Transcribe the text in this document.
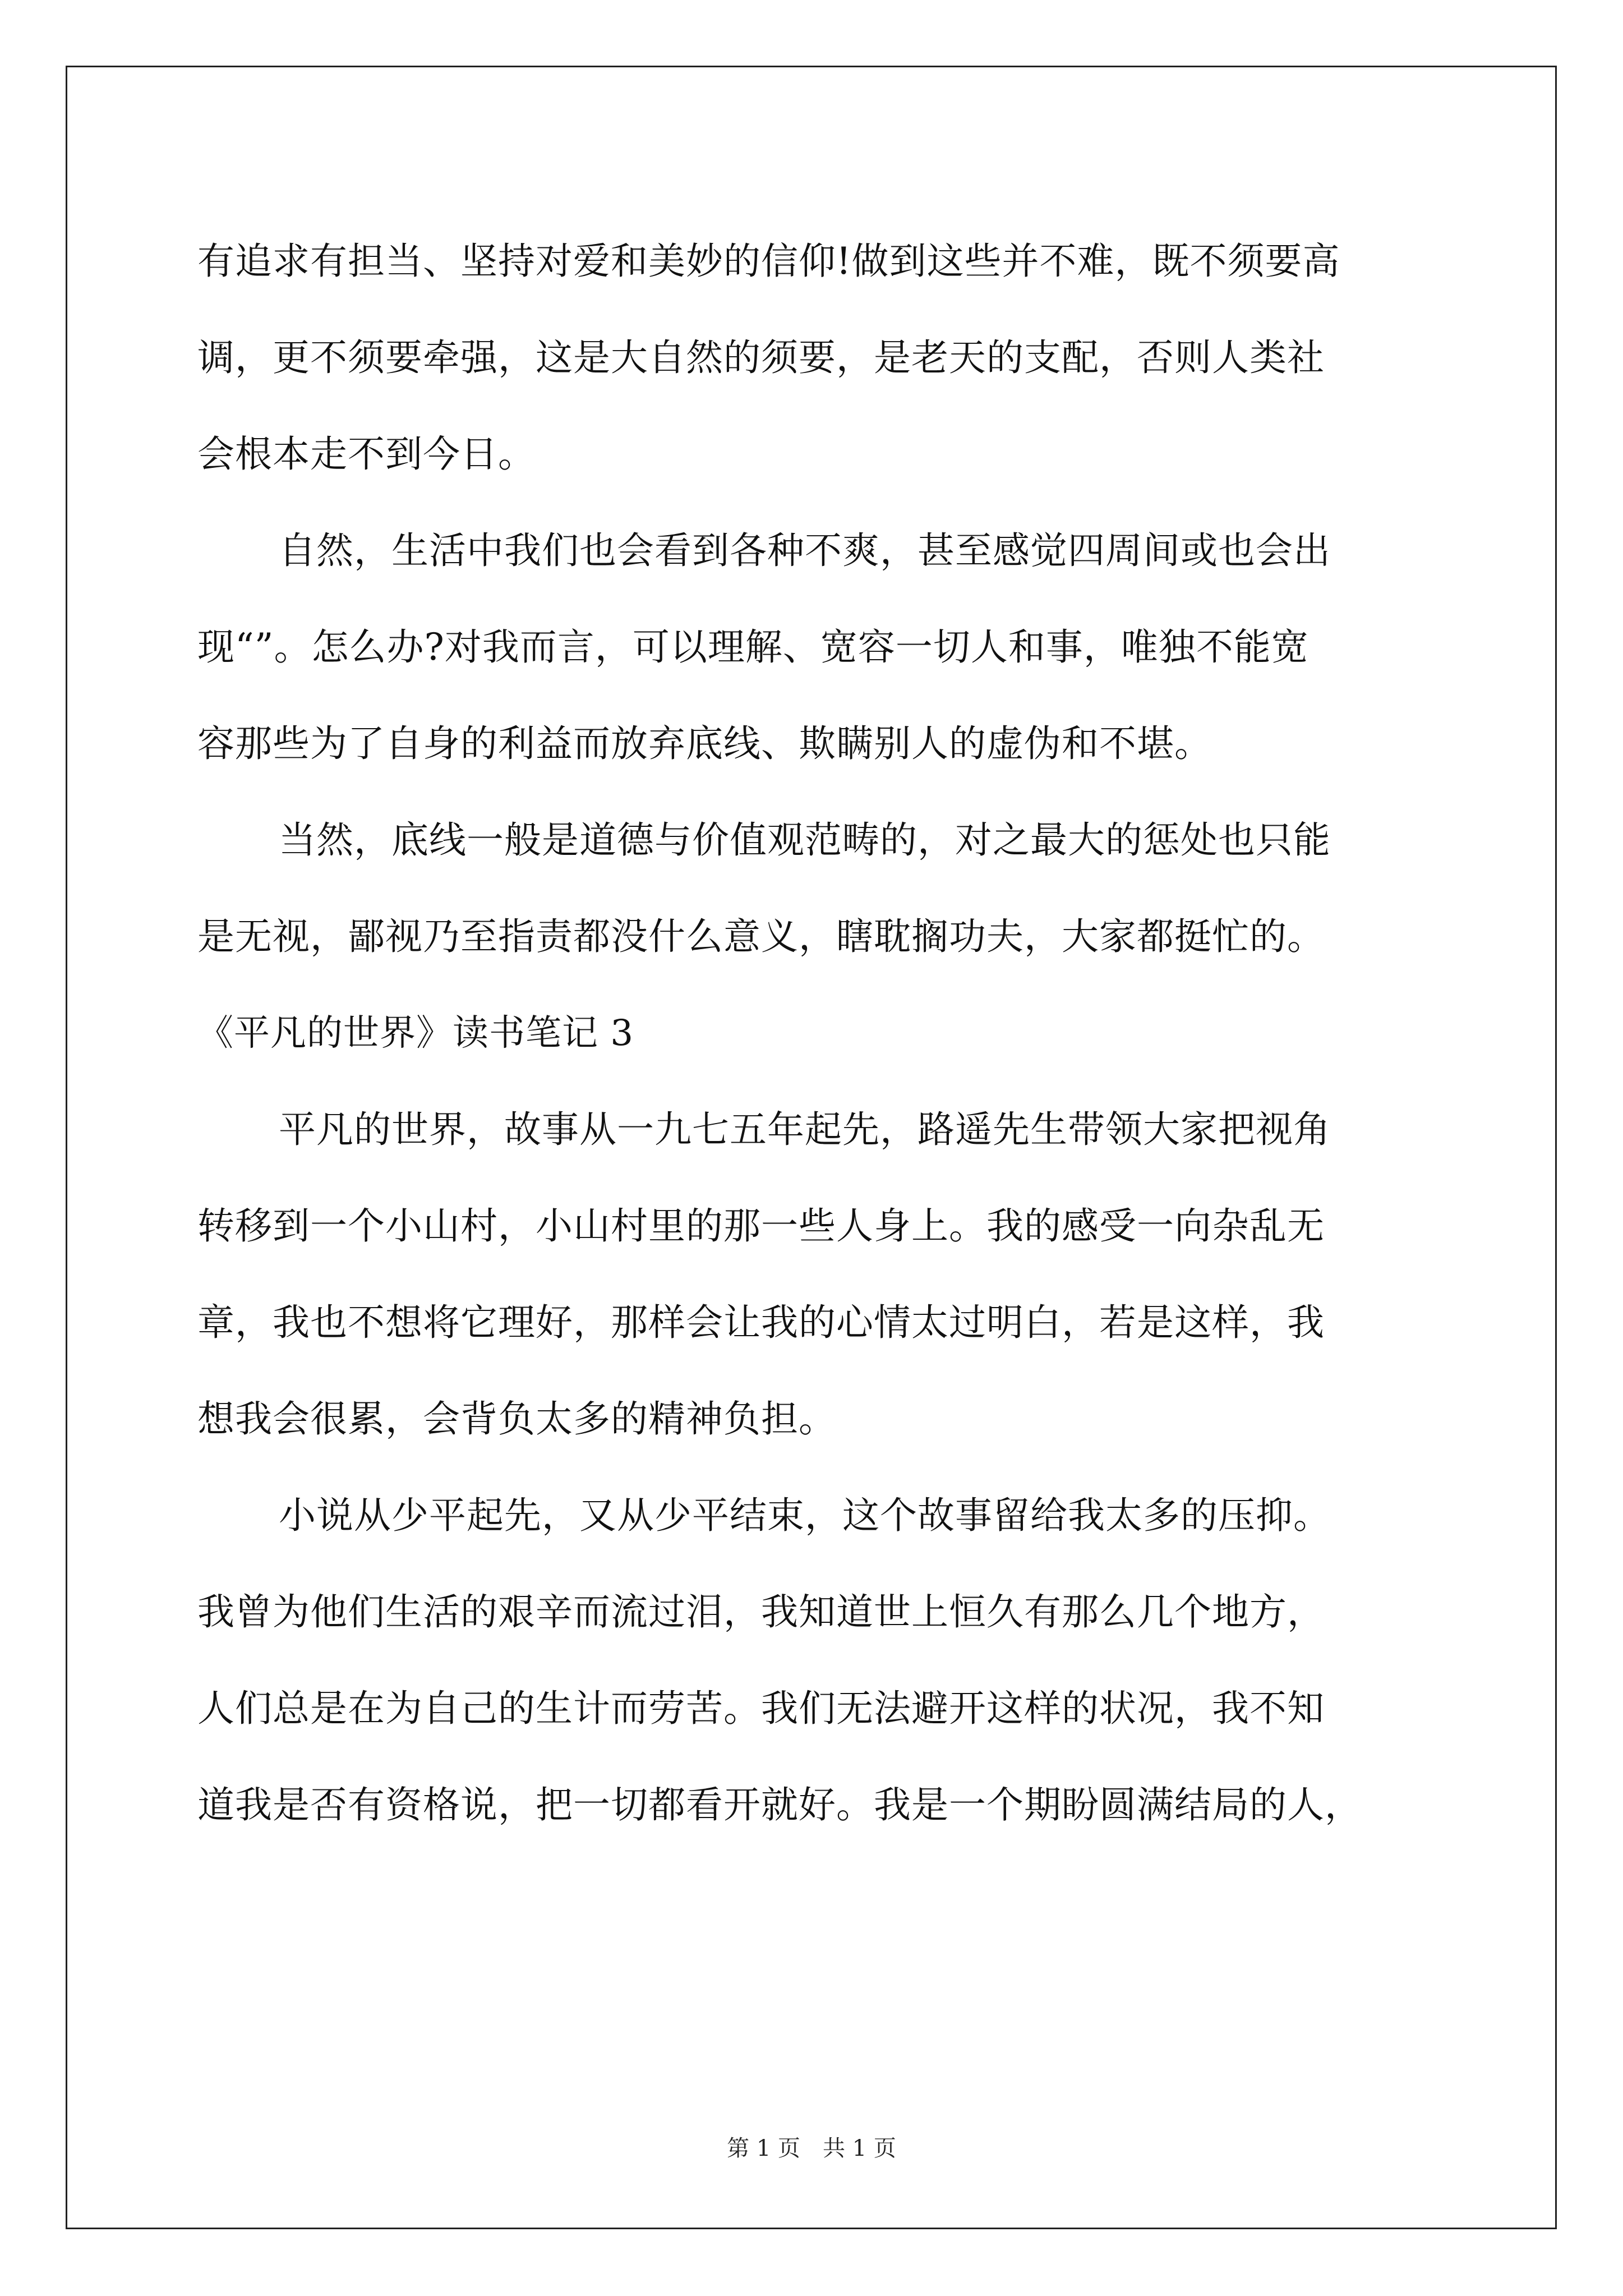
有追求有担当、坚持对爱和美妙的信仰!做到这些并不难，既不须要高
调，更不须要牵强，这是大自然的须要，是老天的支配，否则人类社
会根本走不到今日。
自然，生活中我们也会看到各种不爽，甚至感觉四周间或也会出
现“”。怎么办?对我而言，可以理解、宽容一切人和事，唯独不能宽
容那些为了自身的利益而放弃底线、欺瞒别人的虚伪和不堪。
当然，底线一般是道德与价值观范畴的，对之最大的惩处也只能
是无视，鄙视乃至指责都没什么意义，瞎耽搁功夫，大家都挺忙的。
《平凡的世界》读书笔记 3
平凡的世界，故事从一九七五年起先，路遥先生带领大家把视角
转移到一个小山村，小山村里的那一些人身上。我的感受一向杂乱无
章，我也不想将它理好，那样会让我的心情太过明白，若是这样，我
想我会很累，会背负太多的精神负担。
小说从少平起先，又从少平结束，这个故事留给我太多的压抑。
我曾为他们生活的艰辛而流过泪，我知道世上恒久有那么几个地方，
人们总是在为自己的生计而劳苦。我们无法避开这样的状况，我不知
道我是否有资格说，把一切都看开就好。我是一个期盼圆满结局的人，
第 1 页 共 1 页
